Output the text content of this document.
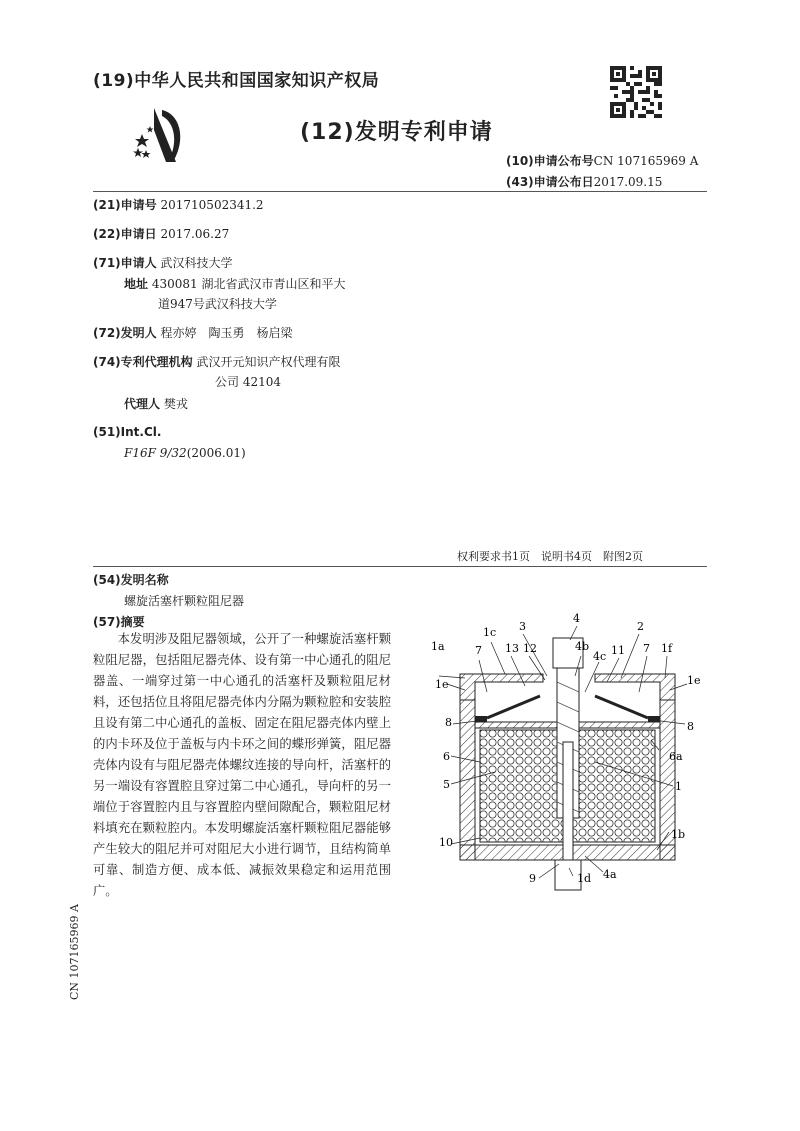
(19)中华人民共和国国家知识产权局
(12)发明专利申请
(10)申请公布号CN 107165969 A
(43)申请公布日2017.09.15
(21)申请号 201710502341.2
(22)申请日 2017.06.27
(71)申请人 武汉科技大学
地址 430081 湖北省武汉市青山区和平大
道947号武汉科技大学
(72)发明人 程亦婷　陶玉勇　杨启梁
(74)专利代理机构 武汉开元知识产权代理有限
公司 42104
代理人 樊戎
(51)Int.Cl.
F16F 9/32(2006.01)
权利要求书1页　说明书4页　附图2页
(54)发明名称
螺旋活塞杆颗粒阻尼器
(57)摘要
本发明涉及阻尼器领域，公开了一种螺旋活塞杆颗粒阻尼器，包括阻尼器壳体、设有第一中心通孔的阻尼器盖、一端穿过第一中心通孔的活塞杆及颗粒阻尼材料，还包括位且将阻尼器壳体内分隔为颗粒腔和安装腔且设有第二中心通孔的盖板、固定在阻尼器壳体内壁上的内卡环及位于盖板与内卡环之间的蝶形弹簧，阻尼器壳体内设有与阻尼器壳体螺纹连接的导向杆，活塞杆的另一端设有容置腔且穿过第二中心通孔，导向杆的另一端位于容置腔内且与容置腔内壁间隙配合，颗粒阻尼材料填充在颗粒腔内。本发明螺旋活塞杆颗粒阻尼器能够产生较大的阻尼并可对阻尼大小进行调节，且结构简单可靠、制造方便、成本低、减振效果稳定和运用范围广。
CN 107165969 A
1c 3
4
2
1a	7 13 12	4b
4c 11 7 1f
1e	1e
8	8
6	6a
5	1
10
1b
9	1d 4a
